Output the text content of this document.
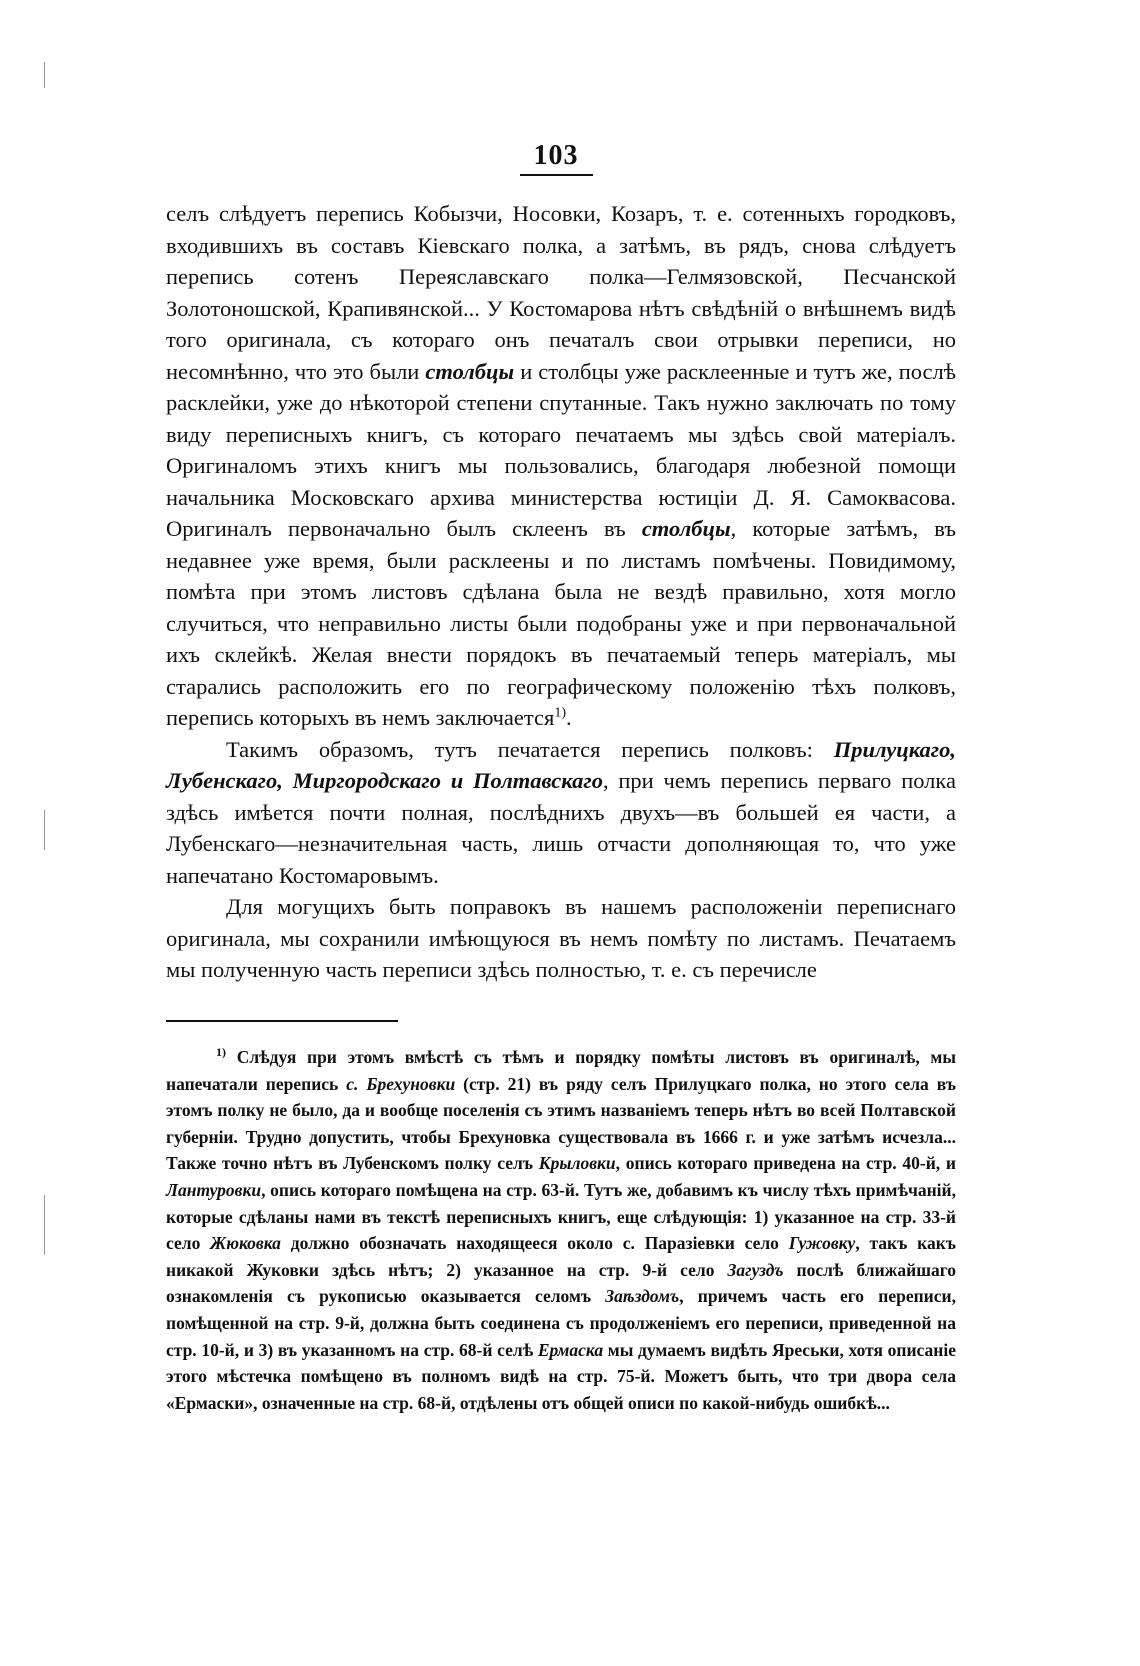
103

селъ слѣдуетъ перепись Кобызчи, Носовки, Козаръ, т. е. сотенныхъ городковъ, входившихъ въ составъ Кіевскаго полка, а затѣмъ, въ рядъ, снова слѣдуетъ перепись сотенъ Переяславскаго полка—Гелмязовской, Песчанской Золотоношской, Крапивянской... У Костомарова нѣтъ свѣдѣній о внѣшнемъ видѣ того оригинала, съ котораго онъ печаталъ свои отрывки переписи, но несомнѣнно, что это были столбцы и столбцы уже расклеенные и тутъ же, послѣ расклейки, уже до нѣкоторой степени спутанные. Такъ нужно заключать по тому виду переписныхъ книгъ, съ котораго печатаемъ мы здѣсь свой матеріалъ. Оригиналомъ этихъ книгъ мы пользовались, благодаря любезной помощи начальника Московскаго архива министерства юстиціи Д. Я. Самоквасова. Оригиналъ первоначально былъ склеенъ въ столбцы, которые затѣмъ, въ недавнее уже время, были расклеены и по листамъ помѣчены. Повидимому, помѣта при этомъ листовъ сдѣлана была не вездѣ правильно, хотя могло случиться, что неправильно листы были подобраны уже и при первоначальной ихъ склейкѣ. Желая внести порядокъ въ печатаемый теперь матеріалъ, мы старались расположить его по географическому положенію тѣхъ полковъ, перепись которыхъ въ немъ заключается$^{1)}$.

Такимъ образомъ, тутъ печатается перепись полковъ: Прилуцкаго, Лубенскаго, Миргородскаго и Полтавскаго, при чемъ перепись перваго полка здѣсь имѣется почти полная, послѣднихъ двухъ—въ большей ея части, а Лубенскаго—незначительная часть, лишь отчасти дополняющая то, что уже напечатано Костомаровымъ.

Для могущихъ быть поправокъ въ нашемъ расположеніи переписнаго оригинала, мы сохранили имѣющуюся въ немъ помѣту по листамъ. Печатаемъ мы полученную часть переписи здѣсь полностью, т. е. съ перечисле

$^{1)}$ Слѣдуя при этомъ вмѣстѣ съ тѣмъ и порядку помѣты листовъ въ оригиналѣ, мы напечатали перепись с. Брехуновки (стр. 21) въ ряду селъ Прилуцкаго полка, но этого села въ этомъ полку не было, да и вообще поселенія съ этимъ названіемъ теперь нѣтъ во всей Полтавской губерніи. Трудно допустить, чтобы Брехуновка существовала въ 1666 г. и уже затѣмъ исчезла... Также точно нѣтъ въ Лубенскомъ полку селъ Крыловки, опись котораго приведена на стр. 40-й, и Лантуровки, опись котораго помѣщена на стр. 63-й. Тутъ же, добавимъ къ числу тѣхъ примѣчаній, которые сдѣланы нами въ текстѣ переписныхъ книгъ, еще слѣдующія: 1) указанное на стр. 33-й село Жюковка должно обозначать находящееся около с. Паразіевки село Гужовку, такъ какъ никакой Жуковки здѣсь нѣтъ; 2) указанное на стр. 9-й село Загуздъ послѣ ближайшаго ознакомленія съ рукописью оказывается селомъ Заѣздомъ, причемъ часть его переписи, помѣщенной на стр. 9-й, должна быть соединена съ продолженіемъ его переписи, приведенной на стр. 10-й, и 3) въ указанномъ на стр. 68-й селѣ Ермаска мы думаемъ видѣть Яреськи, хотя описаніе этого мѣстечка помѣщено въ полномъ видѣ на стр. 75-й. Можетъ быть, что три двора села «Ермаски», означенные на стр. 68-й, отдѣлены отъ общей описи по какой-нибудь ошибкѣ...
